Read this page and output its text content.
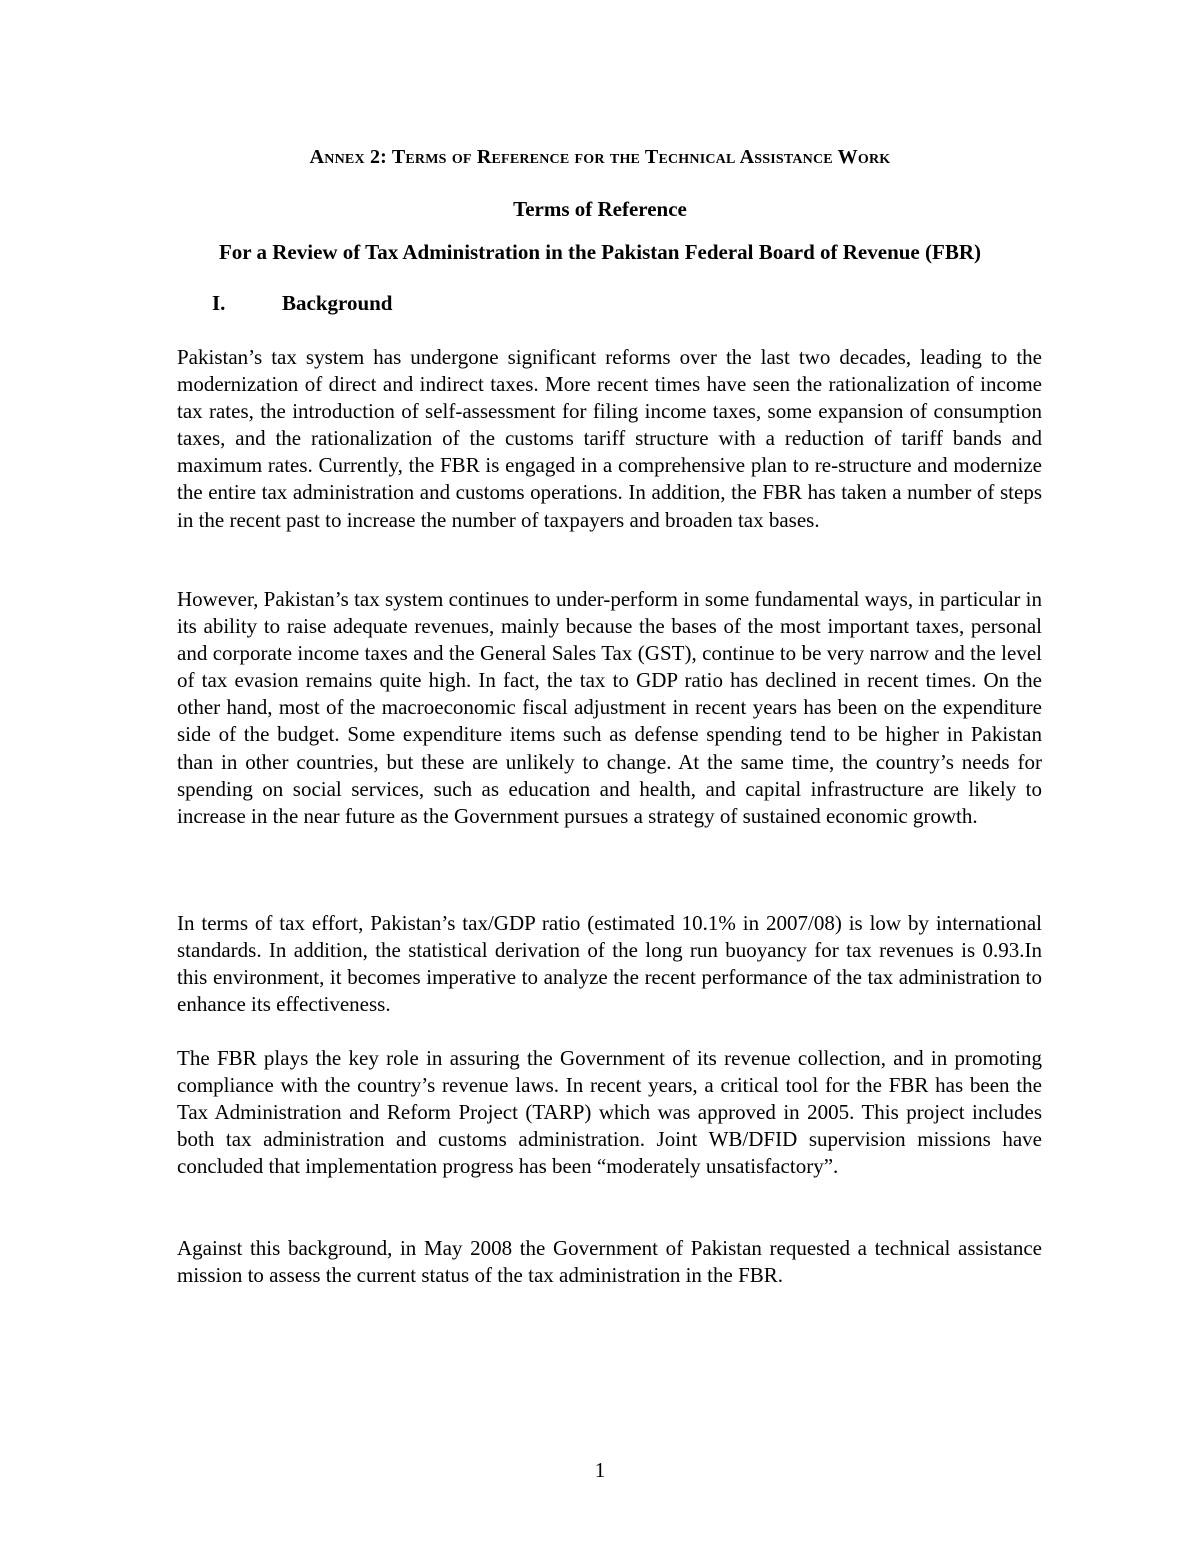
Annex 2: Terms of Reference for the Technical Assistance Work
Terms of Reference
For a Review of Tax Administration in the Pakistan Federal Board of Revenue (FBR)
I.	Background

Pakistan’s tax system has undergone significant reforms over the last two decades, leading to the modernization of direct and indirect taxes. More recent times have seen the rationalization of income tax rates, the introduction of self-assessment for filing income taxes, some expansion of consumption taxes, and the rationalization of the customs tariff structure with a reduction of tariff bands and maximum rates. Currently, the FBR is engaged in a comprehensive plan to re-structure and modernize the entire tax administration and customs operations. In addition, the FBR has taken a number of steps in the recent past to increase the number of taxpayers and broaden tax bases.

However, Pakistan’s tax system continues to under-perform in some fundamental ways, in particular in its ability to raise adequate revenues, mainly because the bases of the most important taxes, personal and corporate income taxes and the General Sales Tax (GST), continue to be very narrow and the level of tax evasion remains quite high. In fact, the tax to GDP ratio has declined in recent times. On the other hand, most of the macroeconomic fiscal adjustment in recent years has been on the expenditure side of the budget. Some expenditure items such as defense spending tend to be higher in Pakistan than in other countries, but these are unlikely to change. At the same time, the country’s needs for spending on social services, such as education and health, and capital infrastructure are likely to increase in the near future as the Government pursues a strategy of sustained economic growth.

In terms of tax effort, Pakistan’s tax/GDP ratio (estimated 10.1% in 2007/08) is low by international standards. In addition, the statistical derivation of the long run buoyancy for tax revenues is 0.93.In this environment, it becomes imperative to analyze the recent performance of the tax administration to enhance its effectiveness.

The FBR plays the key role in assuring the Government of its revenue collection, and in promoting compliance with the country’s revenue laws. In recent years, a critical tool for the FBR has been the Tax Administration and Reform Project (TARP) which was approved in 2005. This project includes both tax administration and customs administration. Joint WB/DFID supervision missions have concluded that implementation progress has been “moderately unsatisfactory”.

Against this background, in May 2008 the Government of Pakistan requested a technical assistance mission to assess the current status of the tax administration in the FBR.

1
